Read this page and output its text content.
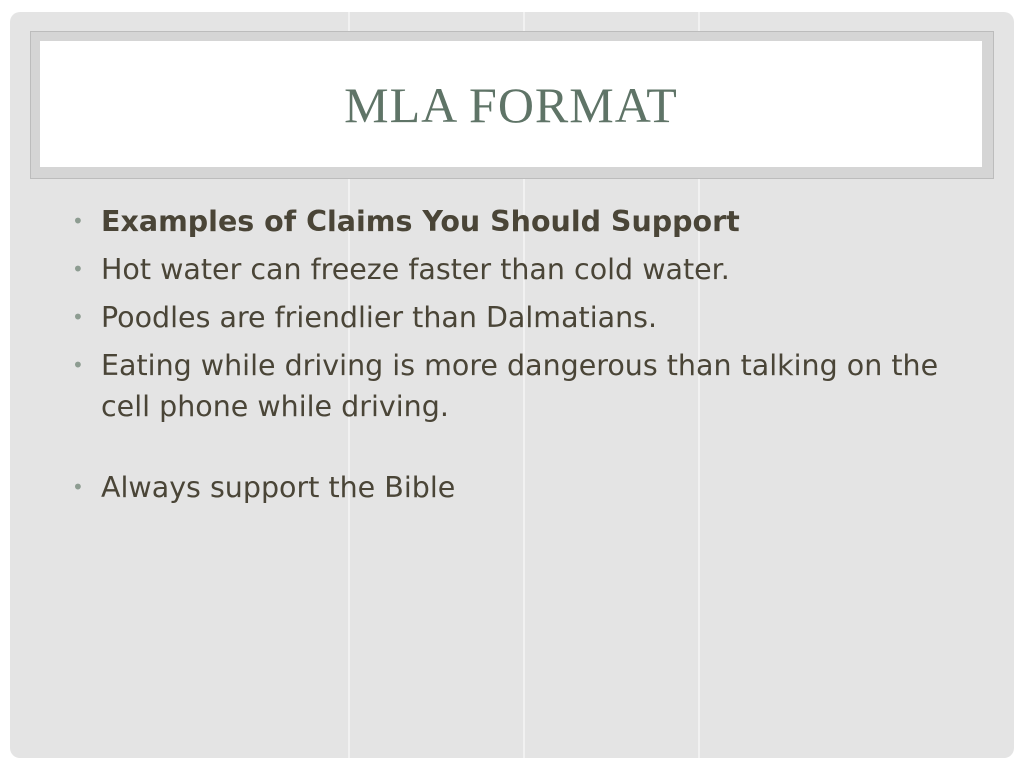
MLA FORMAT
• Examples of Claims You Should Support
• Hot water can freeze faster than cold water.
• Poodles are friendlier than Dalmatians.
• Eating while driving is more dangerous than talking on the cell phone while driving.
• Always support the Bible
